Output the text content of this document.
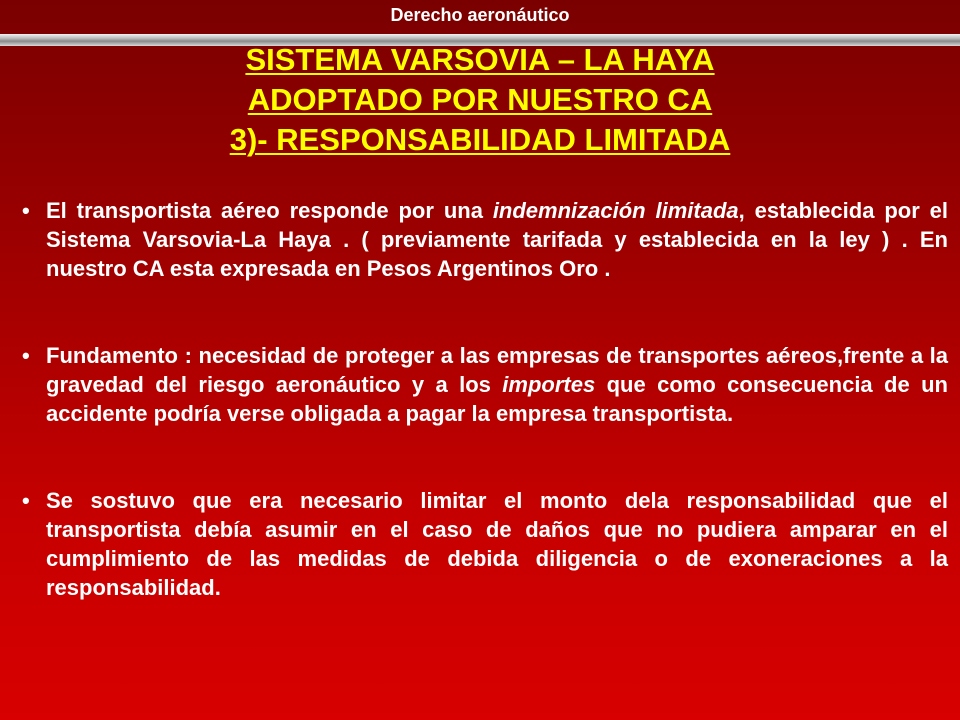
Derecho aeronáutico
SISTEMA VARSOVIA – LA HAYA
ADOPTADO POR NUESTRO CA
3)- RESPONSABILIDAD LIMITADA
• El transportista aéreo responde por una indemnización limitada, establecida por el Sistema Varsovia-La Haya . ( previamente tarifada y establecida en la ley ) . En nuestro CA esta expresada en Pesos Argentinos Oro .
• Fundamento : necesidad de proteger a las empresas de transportes aéreos,frente a la gravedad del riesgo aeronáutico y a los importes que como consecuencia de un accidente podría verse obligada a pagar la empresa transportista.
• Se sostuvo que era necesario limitar el monto dela responsabilidad que el transportista debía asumir en el caso de daños que no pudiera amparar en el cumplimiento de las medidas de debida diligencia o de exoneraciones a la responsabilidad.
